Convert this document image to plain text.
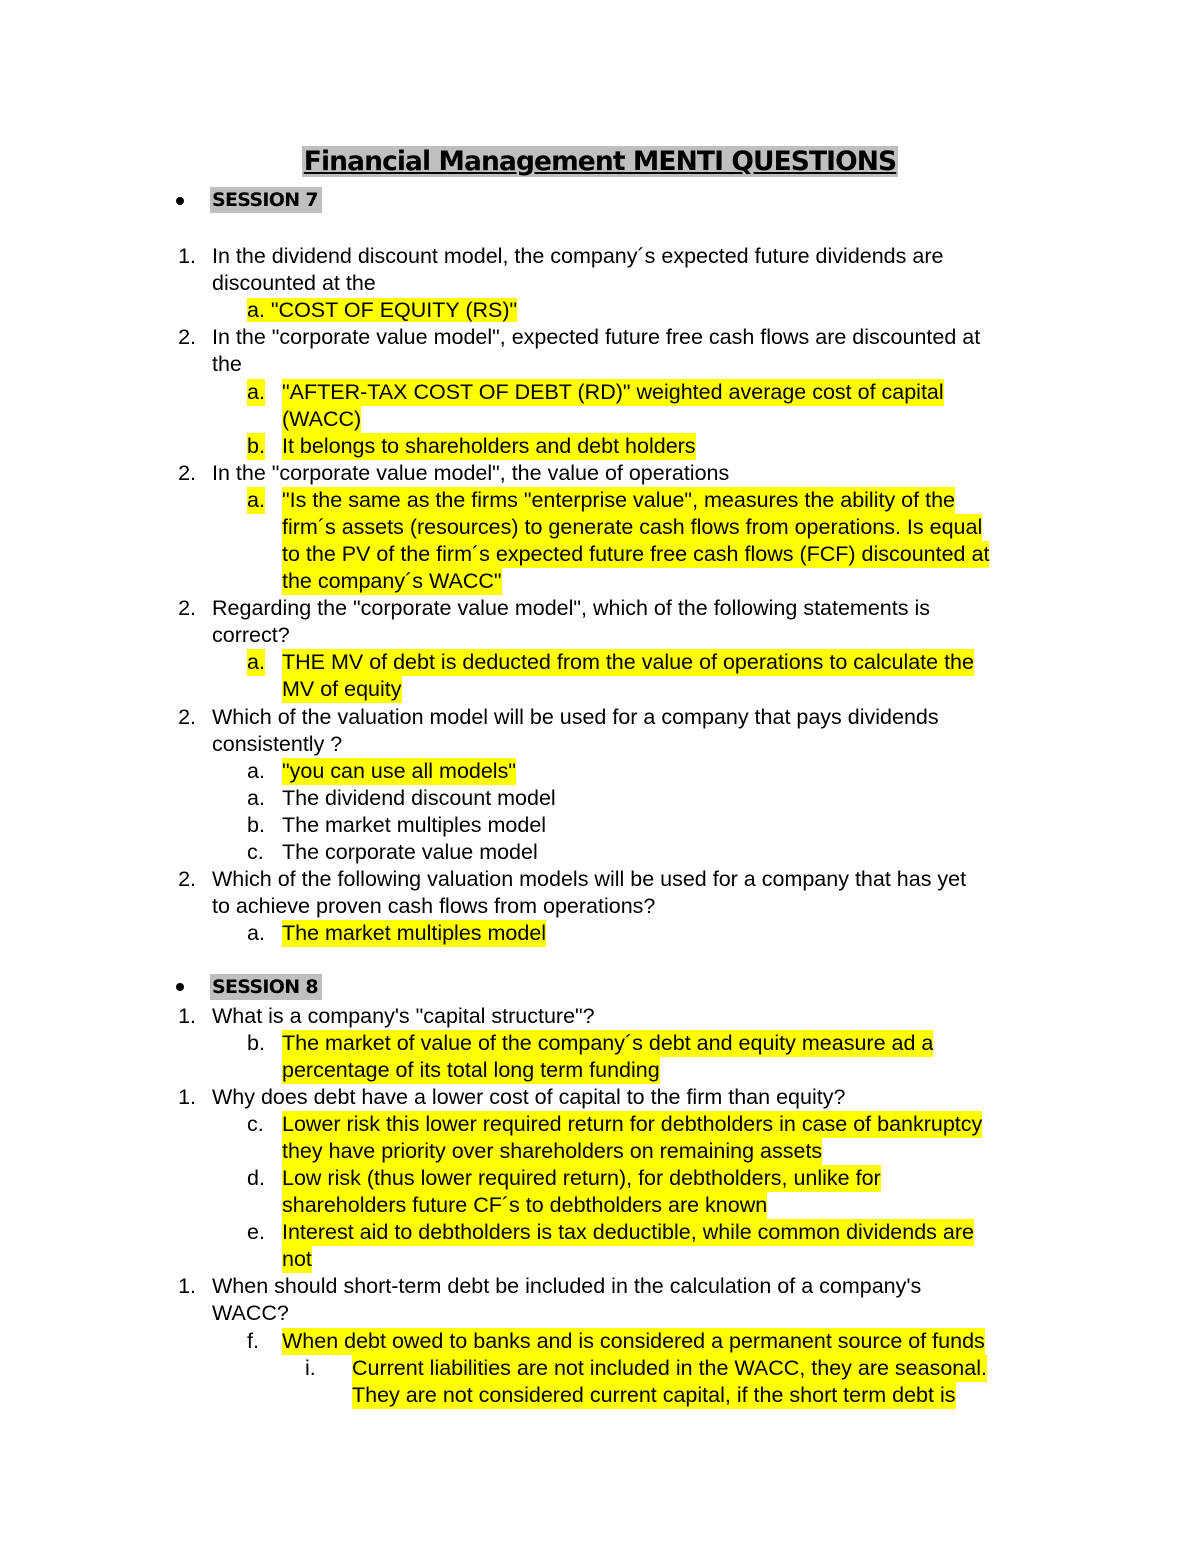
Financial Management MENTI QUESTIONS
SESSION 7
1. In the dividend discount model, the company´s expected future dividends are
discounted at the
a. "COST OF EQUITY (RS)"
2. In the "corporate value model", expected future free cash flows are discounted at
the
a. "AFTER-TAX COST OF DEBT (RD)" weighted average cost of capital
(WACC)
b. It belongs to shareholders and debt holders
2. In the "corporate value model", the value of operations
a. "Is the same as the firms "enterprise value", measures the ability of the
firm´s assets (resources) to generate cash flows from operations. Is equal
to the PV of the firm´s expected future free cash flows (FCF) discounted at
the company´s WACC"
2. Regarding the "corporate value model", which of the following statements is
correct?
a. THE MV of debt is deducted from the value of operations to calculate the
MV of equity
2. Which of the valuation model will be used for a company that pays dividends
consistently ?
a. "you can use all models"
a. The dividend discount model
b. The market multiples model
c. The corporate value model
2. Which of the following valuation models will be used for a company that has yet
to achieve proven cash flows from operations?
a. The market multiples model
SESSION 8
1. What is a company's "capital structure"?
b. The market of value of the company´s debt and equity measure ad a
percentage of its total long term funding
1. Why does debt have a lower cost of capital to the firm than equity?
c. Lower risk this lower required return for debtholders in case of bankruptcy
they have priority over shareholders on remaining assets
d. Low risk (thus lower required return), for debtholders, unlike for
shareholders future CF´s to debtholders are known
e. Interest aid to debtholders is tax deductible, while common dividends are
not
1. When should short-term debt be included in the calculation of a company's
WACC?
f. When debt owed to banks and is considered a permanent source of funds
i. Current liabilities are not included in the WACC, they are seasonal.
They are not considered current capital, if the short term debt is
